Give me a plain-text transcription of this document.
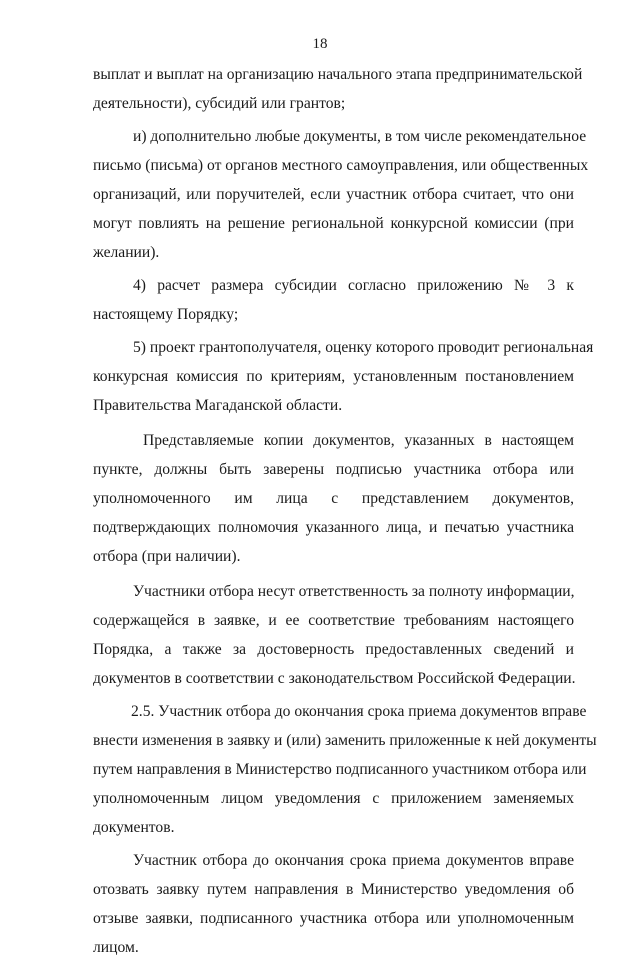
18
выплат и выплат на организацию начального этапа предпринимательской
деятельности), субсидий или грантов;
и) дополнительно любые документы, в том числе рекомендательное
письмо (письма) от органов местного самоуправления, или общественных
организаций, или поручителей, если участник отбора считает, что они
могут повлиять на решение региональной конкурсной комиссии (при
желании).
4) расчет размера субсидии согласно приложению № 3 к
настоящему Порядку;
5) проект грантополучателя, оценку которого проводит региональная
конкурсная комиссия по критериям, установленным постановлением
Правительства Магаданской области.
Представляемые копии документов, указанных в настоящем
пункте, должны быть заверены подписью участника отбора или
уполномоченного им лица с представлением документов,
подтверждающих полномочия указанного лица, и печатью участника
отбора (при наличии).
Участники отбора несут ответственность за полноту информации,
содержащейся в заявке, и ее соответствие требованиям настоящего
Порядка, а также за достоверность предоставленных сведений и
документов в соответствии с законодательством Российской Федерации.
2.5. Участник отбора до окончания срока приема документов вправе
внести изменения в заявку и (или) заменить приложенные к ней документы
путем направления в Министерство подписанного участником отбора или
уполномоченным лицом уведомления с приложением заменяемых
документов.
Участник отбора до окончания срока приема документов вправе
отозвать заявку путем направления в Министерство уведомления об
отзыве заявки, подписанного участника отбора или уполномоченным
лицом.
